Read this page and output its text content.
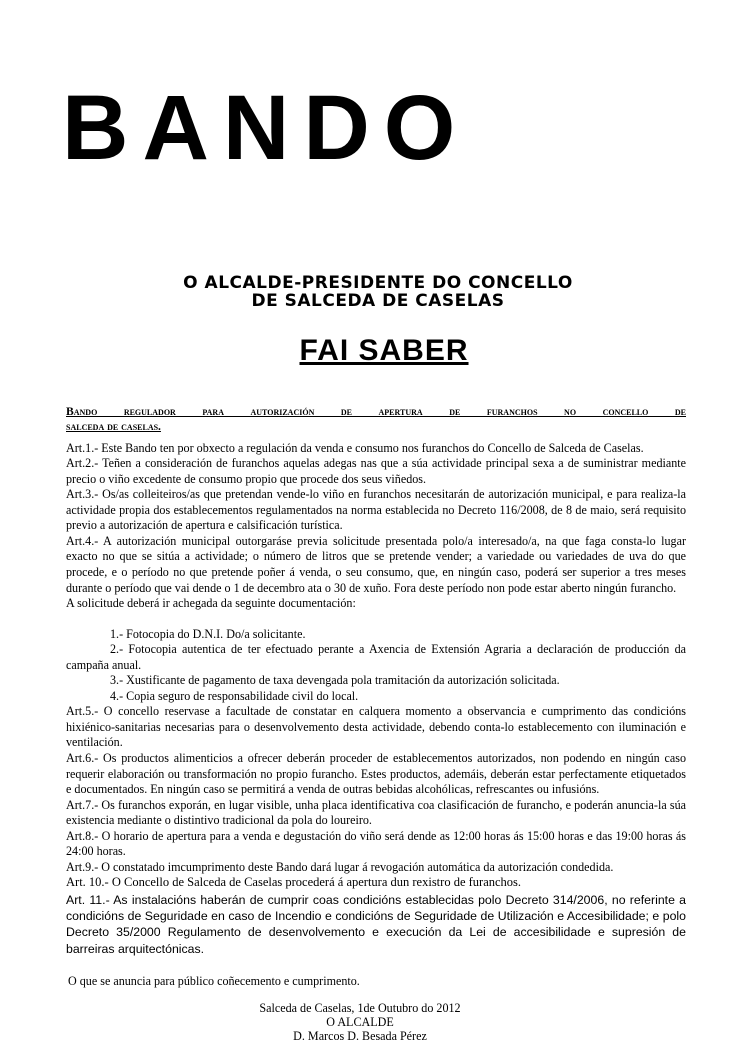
BANDO
O ALCALDE-PRESIDENTE DO CONCELLO
DE SALCEDA DE CASELAS
FAI SABER
Bando regulador para autorización de apertura de furanchos no concello de
salceda de caselas.

Art.1.- Este Bando ten por obxecto a regulación da venda e consumo nos furanchos do Concello de Salceda de Caselas.

Art.2.- Teñen a consideración de furanchos aquelas adegas nas que a súa actividade principal sexa a de suministrar mediante precio o viño excedente de consumo propio que procede dos seus viñedos.

Art.3.- Os/as colleiteiros/as que pretendan vende-lo viño en furanchos necesitarán de autorización municipal, e para realiza-la actividade propia dos establecementos regulamentados na norma establecida no Decreto 116/2008, de 8 de maio, será requisito previo a autorización de apertura e calsificación turística.

Art.4.- A autorización municipal outorgaráse previa solicitude presentada polo/a interesado/a, na que faga consta-lo lugar exacto no que se sitúa a actividade; o número de litros que se pretende vender; a variedade ou variedades de uva do que procede, e o período no que pretende poñer á venda, o seu consumo, que, en ningún caso, poderá ser superior a tres meses durante o período que vai dende o 1 de decembro ata o 30 de xuño. Fora deste período non pode estar aberto ningún furancho.

A solicitude deberá ir achegada da seguinte documentación:

1.- Fotocopia do D.N.I. Do/a solicitante.

2.- Fotocopia autentica de ter efectuado perante a Axencia de Extensión Agraria a declaración de producción da campaña anual.

3.- Xustificante de pagamento de taxa devengada pola tramitación da autorización solicitada.

4.- Copia seguro de responsabilidade civil do local.

Art.5.- O concello reservase a facultade de constatar en calquera momento a observancia e cumprimento das condicións hixiénico-sanitarias necesarias para o desenvolvemento desta actividade, debendo conta-lo establecemento con iluminación e ventilación.

Art.6.- Os productos alimenticios a ofrecer deberán proceder de establecementos autorizados, non podendo en ningún caso requerir elaboración ou transformación no propio furancho. Estes productos, ademáis, deberán estar perfectamente etiquetados e documentados. En ningún caso se permitirá a venda de outras bebidas alcohólicas, refrescantes ou infusións.

Art.7.- Os furanchos exporán, en lugar visible, unha placa identificativa coa clasificación de furancho, e poderán anuncia-la súa existencia mediante o distintivo tradicional da pola do loureiro.

Art.8.- O horario de apertura para a venda e degustación do viño será dende as 12:00 horas ás 15:00 horas e das 19:00 horas ás 24:00 horas.

Art.9.- O constatado imcumprimento deste Bando dará lugar á revogación automática da autorización condedida.

Art. 10.- O Concello de Salceda de Caselas procederá á apertura dun rexistro de furanchos.

Art. 11.- As instalacións haberán de cumprir coas condicións establecidas polo Decreto 314/2006, no referinte a condicións de Seguridade en caso de Incendio e condicións de Seguridade de Utilización e Accesibilidade; e polo Decreto 35/2000 Regulamento de desenvolvemento e execución da Lei de accesibilidade e supresión de barreiras arquitectónicas.

O que se anuncia para público coñecemento e cumprimento.
Salceda de Caselas, 1de Outubro do 2012
O ALCALDE
D. Marcos D. Besada Pérez
